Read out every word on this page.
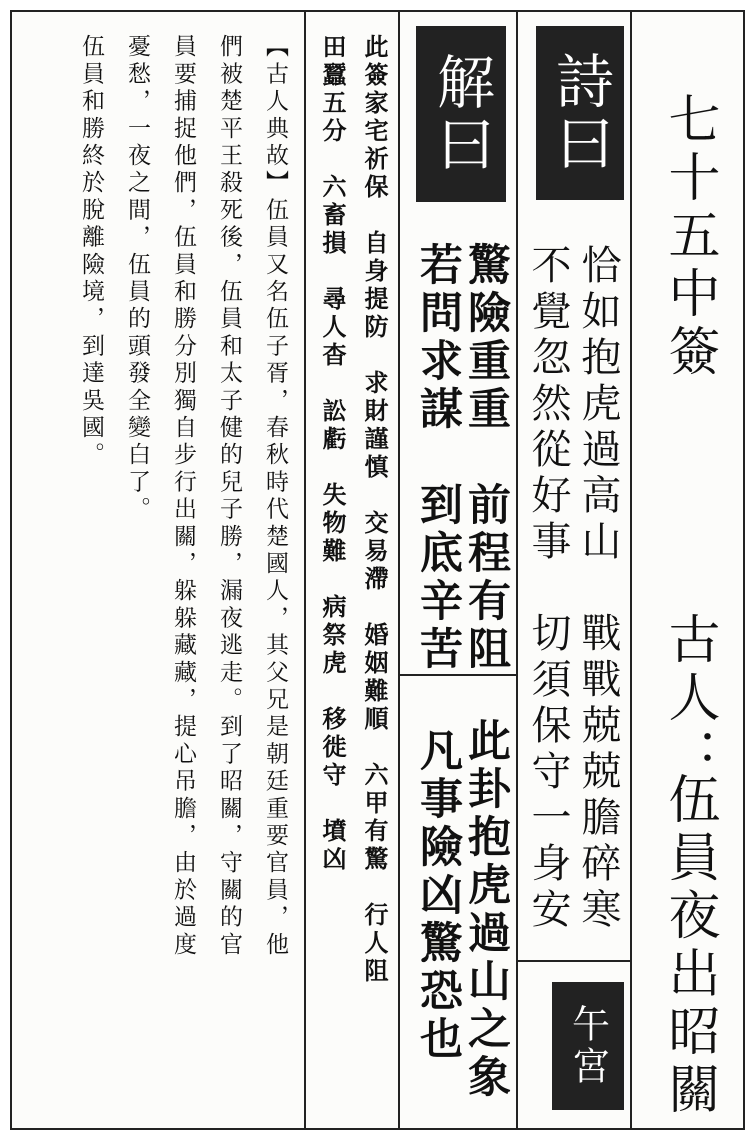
七十五中簽
古人：
伍員夜出昭關
詩曰
恰如抱虎過高山　戰戰兢兢膽碎寒
不覺忽然從好事　切須保守一身安
午宮
解曰
驚險重重　前程有阻
若問求謀　到底辛苦
此卦抱虎過山之象
凡事險凶驚恐也
此簽家宅祈保　自身提防　求財謹慎　交易滯　婚姻難順　六甲有驚　行人阻
田蠶五分　六畜損　尋人杳　訟虧　失物難　病祭虎　移徙守　墳凶
【古人典故】伍員又名伍子胥，春秋時代楚國人，其父兄是朝廷重要官員，他
們被楚平王殺死後，伍員和太子健的兒子勝，漏夜逃走。到了昭關，守關的官
員要捕捉他們，伍員和勝分別獨自步行出關，躲躲藏藏，提心吊膽，由於過度
憂愁，一夜之間，伍員的頭發全變白了。
伍員和勝終於脫離險境，到達吳國。
